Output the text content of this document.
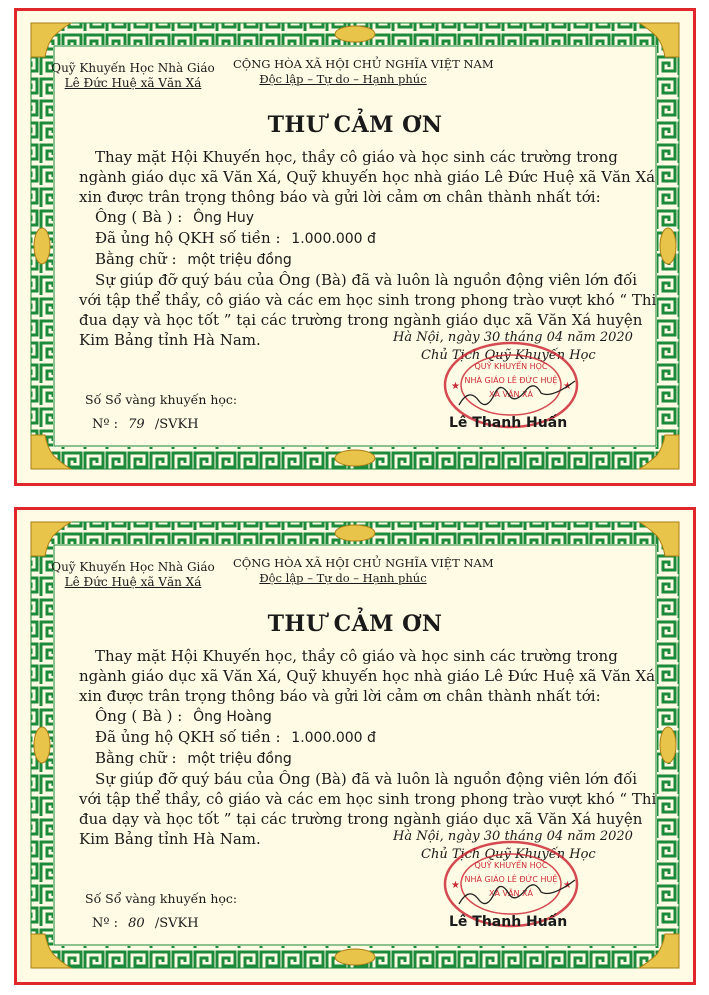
Quỹ Khuyến Học Nhà Giáo
Lê Đức Huệ xã Văn Xá
CỘNG HÒA XÃ HỘI CHỦ NGHĨA VIỆT NAM
Độc lập – Tự do – Hạnh phúc
THƯ CẢM ƠN

Thay mặt Hội Khuyến học, thầy cô giáo và học sinh các trường trong ngành giáo dục xã Văn Xá, Quỹ khuyến học nhà giáo Lê Đức Huệ xã Văn Xá xin được trân trọng thông báo và gửi lời cảm ơn chân thành nhất tới:

Ông ( Bà ) : Ông Huy

Đã ủng hộ QKH số tiền : 1.000.000 đ

Bằng chữ : một triệu đồng

Sự giúp đỡ quý báu của Ông (Bà) đã và luôn là nguồn động viên lớn đối với tập thể thầy, cô giáo và các em học sinh trong phong trào vượt khó “ Thi đua dạy và học tốt ” tại các trường trong ngành giáo dục xã Văn Xá huyện Kim Bảng tỉnh Hà Nam.	Hà Nội, ngày 30 tháng 04 năm 2020
Chủ Tịch Quỹ Khuyến Học
QUỸ KHUYẾN HỌC
NHÀ GIÁO LÊ ĐỨC HUỆ
XÃ VĂN XÁ
★	★
Số Sổ vàng khuyến học:
Nº : 79 /SVKH	Lê Thanh Huấn
Quỹ Khuyến Học Nhà Giáo
Lê Đức Huệ xã Văn Xá
CỘNG HÒA XÃ HỘI CHỦ NGHĨA VIỆT NAM
Độc lập – Tự do – Hạnh phúc
THƯ CẢM ƠN

Thay mặt Hội Khuyến học, thầy cô giáo và học sinh các trường trong ngành giáo dục xã Văn Xá, Quỹ khuyến học nhà giáo Lê Đức Huệ xã Văn Xá xin được trân trọng thông báo và gửi lời cảm ơn chân thành nhất tới:

Ông ( Bà ) : Ông Hoàng

Đã ủng hộ QKH số tiền : 1.000.000 đ

Bằng chữ : một triệu đồng

Sự giúp đỡ quý báu của Ông (Bà) đã và luôn là nguồn động viên lớn đối với tập thể thầy, cô giáo và các em học sinh trong phong trào vượt khó “ Thi đua dạy và học tốt ” tại các trường trong ngành giáo dục xã Văn Xá huyện Kim Bảng tỉnh Hà Nam.	Hà Nội, ngày 30 tháng 04 năm 2020
Chủ Tịch Quỹ Khuyến Học
QUỸ KHUYẾN HỌC
NHÀ GIÁO LÊ ĐỨC HUỆ
XÃ VĂN XÁ
★	★
Số Sổ vàng khuyến học:
Nº : 80 /SVKH	Lê Thanh Huấn
